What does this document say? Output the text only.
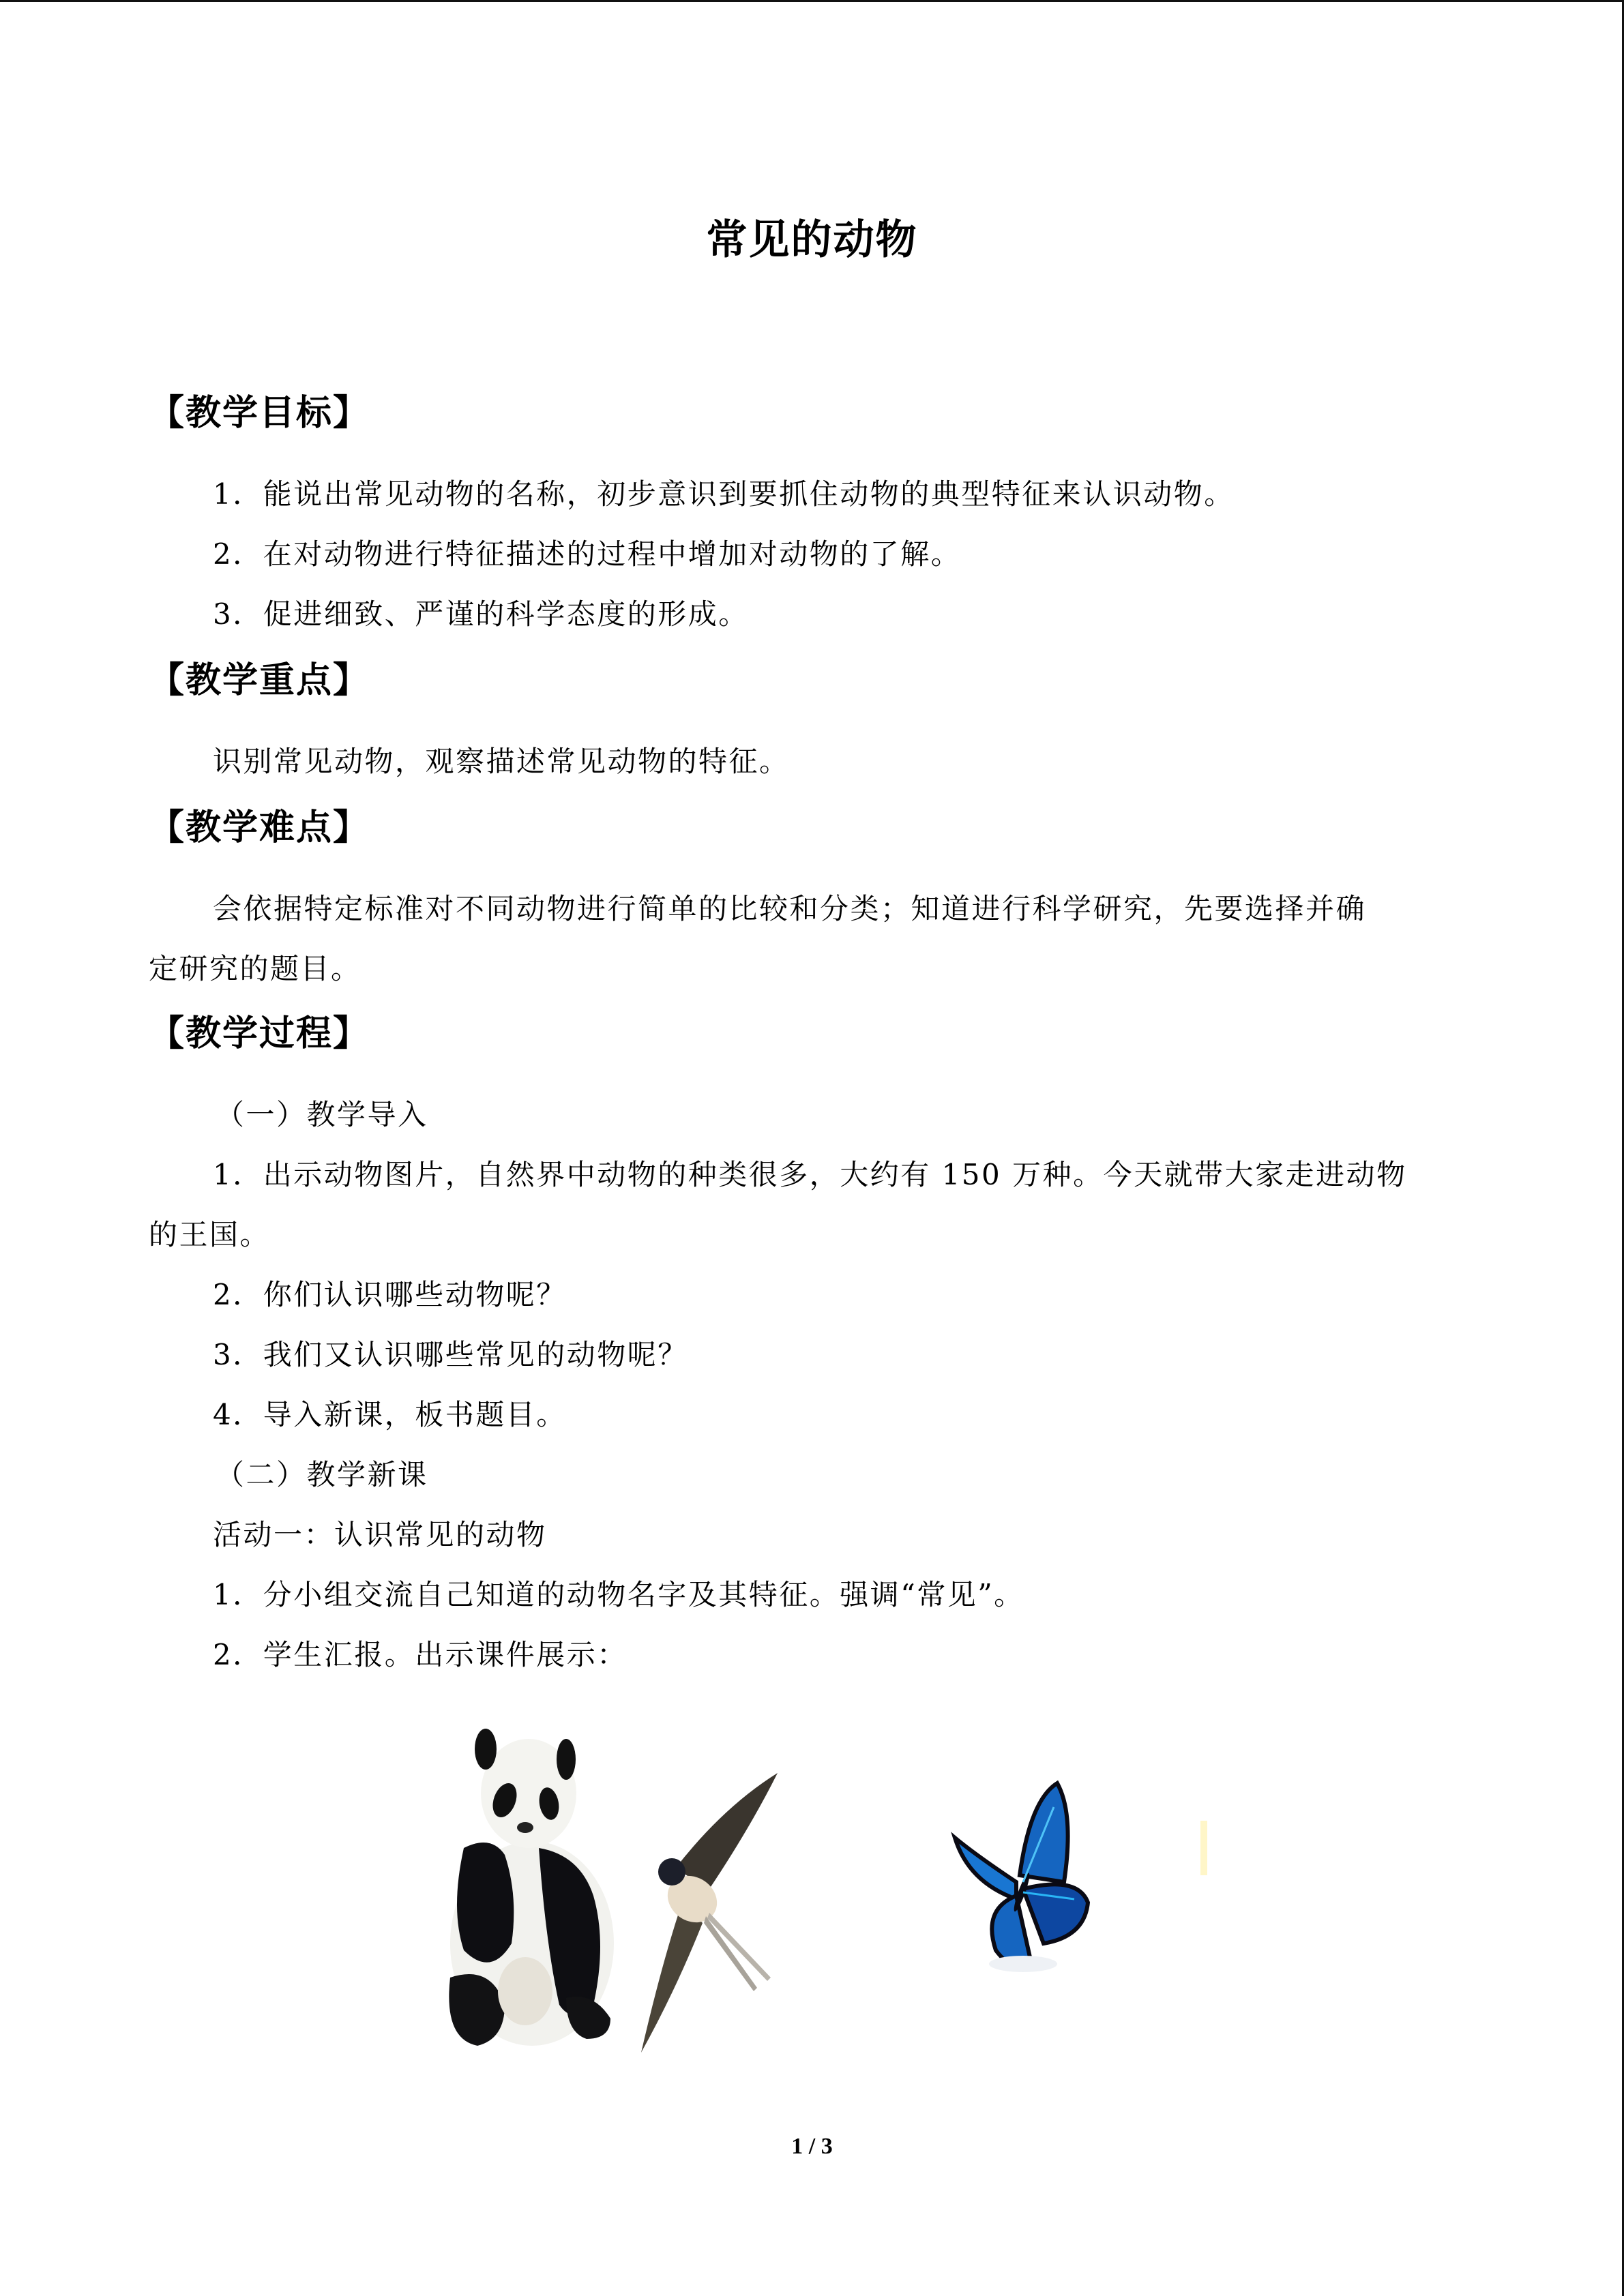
常见的动物
【教学目标】
1．能说出常见动物的名称，初步意识到要抓住动物的典型特征来认识动物。
2．在对动物进行特征描述的过程中增加对动物的了解。
3．促进细致、严谨的科学态度的形成。
【教学重点】
识别常见动物，观察描述常见动物的特征。
【教学难点】
会依据特定标准对不同动物进行简单的比较和分类；知道进行科学研究，先要选择并确
定研究的题目。
【教学过程】
（一）教学导入
1．出示动物图片，自然界中动物的种类很多，大约有 150 万种。今天就带大家走进动物
的王国。
2．你们认识哪些动物呢？
3．我们又认识哪些常见的动物呢？
4．导入新课，板书题目。
（二）教学新课
活动一：认识常见的动物
1．分小组交流自己知道的动物名字及其特征。强调“常见”。
2．学生汇报。出示课件展示：
1 / 3
